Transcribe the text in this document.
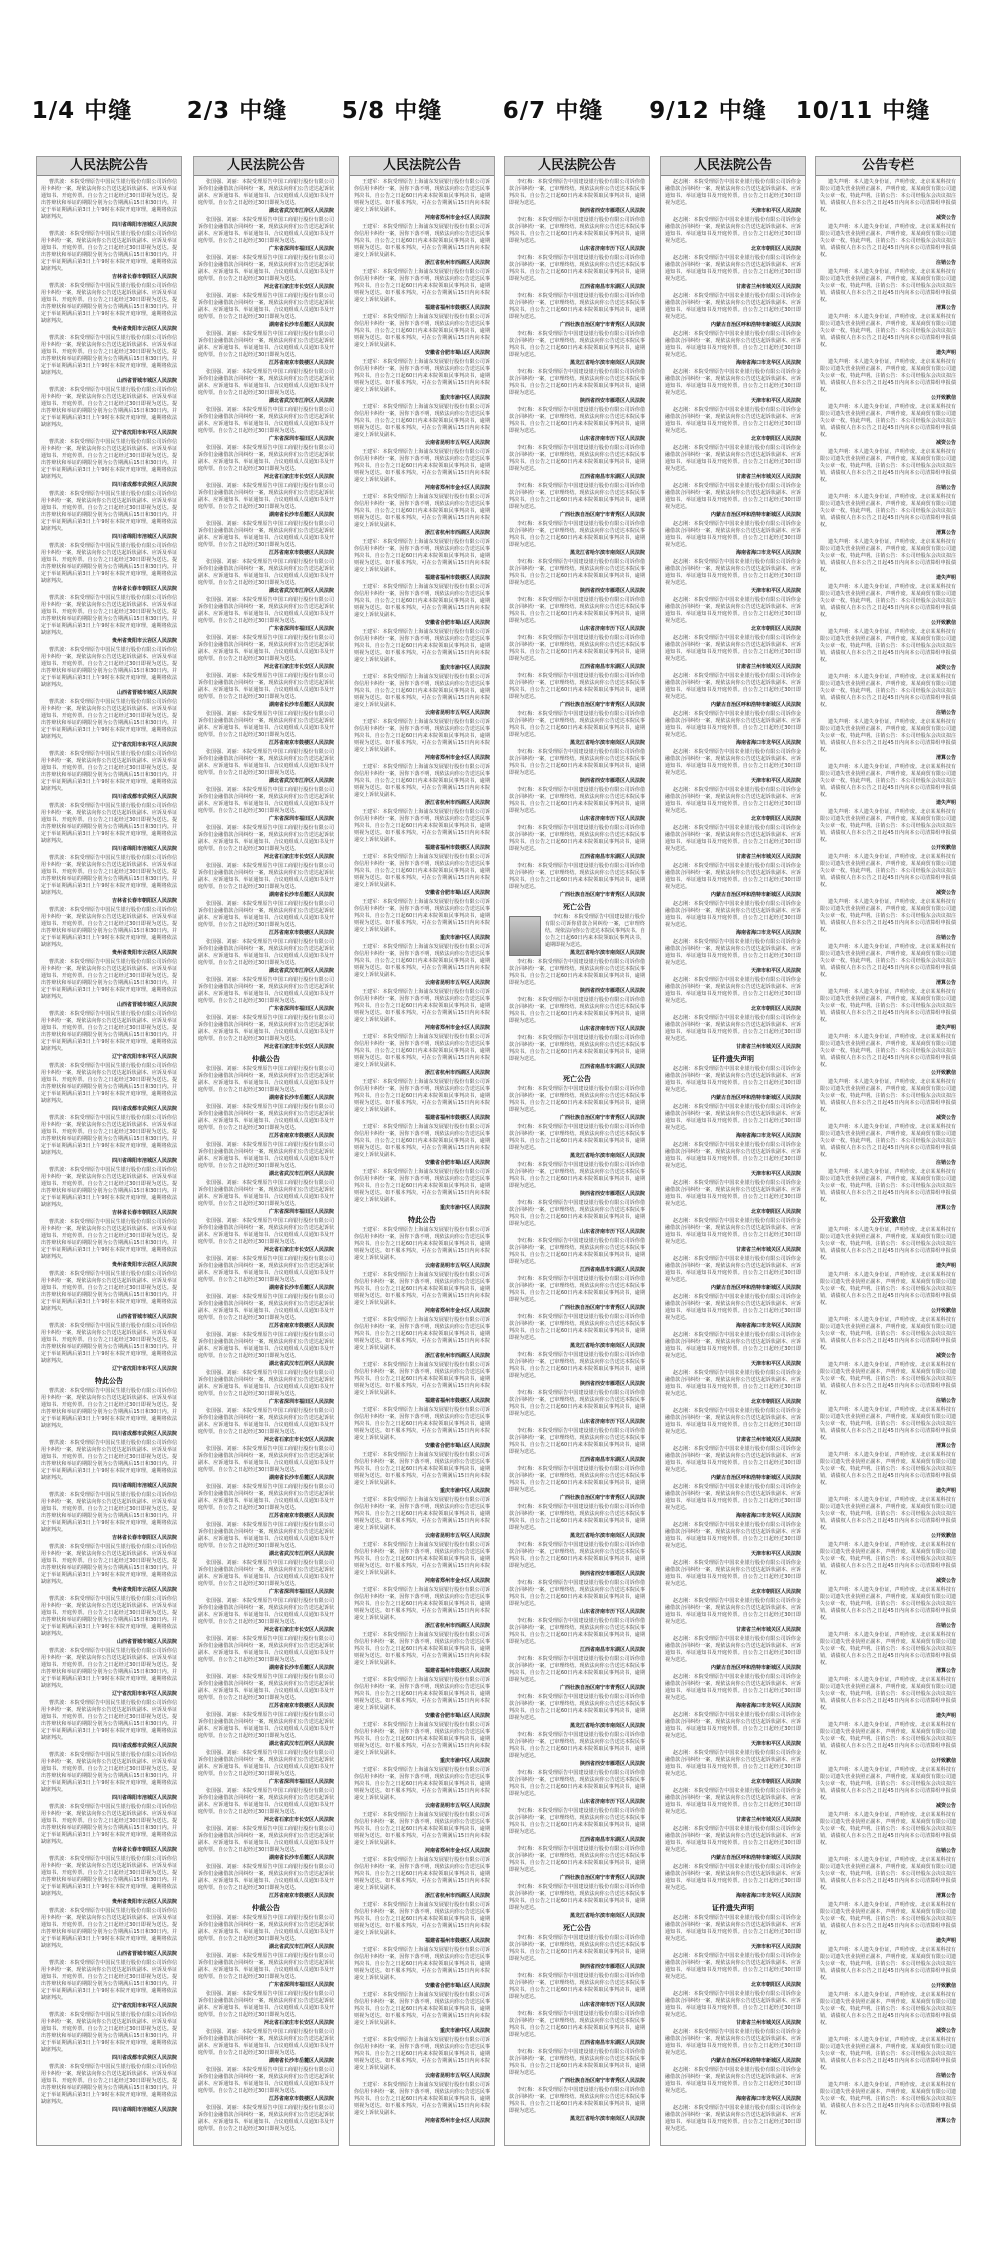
1/4 中缝	2/3 中缝	5/8 中缝	6/7 中缝	9/12 中缝	10/11 中缝
人民法院公告

曹洪波：本院受理原告中国民生银行股份有限公司诉你信用卡纠纷一案，现依法向你公告送达起诉状副本、应诉及举证通知书、开庭传票。自公告之日起经过30日即视为送达。提出答辩状和举证的期限分别为公告期满后15日和30日内。并定于举证期满后第3日上午9时在本院开庭审理，逾期将依法缺席判决。

四川省绵阳市涪城区人民法院

曹洪波：本院受理原告中国民生银行股份有限公司诉你信用卡纠纷一案，现依法向你公告送达起诉状副本、应诉及举证通知书、开庭传票。自公告之日起经过30日即视为送达。提出答辩状和举证的期限分别为公告期满后15日和30日内。并定于举证期满后第3日上午9时在本院开庭审理，逾期将依法缺席判决。

吉林省长春市朝阳区人民法院

曹洪波：本院受理原告中国民生银行股份有限公司诉你信用卡纠纷一案，现依法向你公告送达起诉状副本、应诉及举证通知书、开庭传票。自公告之日起经过30日即视为送达。提出答辩状和举证的期限分别为公告期满后15日和30日内。并定于举证期满后第3日上午9时在本院开庭审理，逾期将依法缺席判决。

贵州省贵阳市云岩区人民法院

曹洪波：本院受理原告中国民生银行股份有限公司诉你信用卡纠纷一案，现依法向你公告送达起诉状副本、应诉及举证通知书、开庭传票。自公告之日起经过30日即视为送达。提出答辩状和举证的期限分别为公告期满后15日和30日内。并定于举证期满后第3日上午9时在本院开庭审理，逾期将依法缺席判决。

山西省晋城市城区人民法院

曹洪波：本院受理原告中国民生银行股份有限公司诉你信用卡纠纷一案，现依法向你公告送达起诉状副本、应诉及举证通知书、开庭传票。自公告之日起经过30日即视为送达。提出答辩状和举证的期限分别为公告期满后15日和30日内。并定于举证期满后第3日上午9时在本院开庭审理，逾期将依法缺席判决。

辽宁省沈阳市和平区人民法院

曹洪波：本院受理原告中国民生银行股份有限公司诉你信用卡纠纷一案，现依法向你公告送达起诉状副本、应诉及举证通知书、开庭传票。自公告之日起经过30日即视为送达。提出答辩状和举证的期限分别为公告期满后15日和30日内。并定于举证期满后第3日上午9时在本院开庭审理，逾期将依法缺席判决。

四川省成都市武侯区人民法院

曹洪波：本院受理原告中国民生银行股份有限公司诉你信用卡纠纷一案，现依法向你公告送达起诉状副本、应诉及举证通知书、开庭传票。自公告之日起经过30日即视为送达。提出答辩状和举证的期限分别为公告期满后15日和30日内。并定于举证期满后第3日上午9时在本院开庭审理，逾期将依法缺席判决。

四川省绵阳市涪城区人民法院

曹洪波：本院受理原告中国民生银行股份有限公司诉你信用卡纠纷一案，现依法向你公告送达起诉状副本、应诉及举证通知书、开庭传票。自公告之日起经过30日即视为送达。提出答辩状和举证的期限分别为公告期满后15日和30日内。并定于举证期满后第3日上午9时在本院开庭审理，逾期将依法缺席判决。

吉林省长春市朝阳区人民法院

曹洪波：本院受理原告中国民生银行股份有限公司诉你信用卡纠纷一案，现依法向你公告送达起诉状副本、应诉及举证通知书、开庭传票。自公告之日起经过30日即视为送达。提出答辩状和举证的期限分别为公告期满后15日和30日内。并定于举证期满后第3日上午9时在本院开庭审理，逾期将依法缺席判决。

贵州省贵阳市云岩区人民法院

曹洪波：本院受理原告中国民生银行股份有限公司诉你信用卡纠纷一案，现依法向你公告送达起诉状副本、应诉及举证通知书、开庭传票。自公告之日起经过30日即视为送达。提出答辩状和举证的期限分别为公告期满后15日和30日内。并定于举证期满后第3日上午9时在本院开庭审理，逾期将依法缺席判决。

山西省晋城市城区人民法院

曹洪波：本院受理原告中国民生银行股份有限公司诉你信用卡纠纷一案，现依法向你公告送达起诉状副本、应诉及举证通知书、开庭传票。自公告之日起经过30日即视为送达。提出答辩状和举证的期限分别为公告期满后15日和30日内。并定于举证期满后第3日上午9时在本院开庭审理，逾期将依法缺席判决。

辽宁省沈阳市和平区人民法院

曹洪波：本院受理原告中国民生银行股份有限公司诉你信用卡纠纷一案，现依法向你公告送达起诉状副本、应诉及举证通知书、开庭传票。自公告之日起经过30日即视为送达。提出答辩状和举证的期限分别为公告期满后15日和30日内。并定于举证期满后第3日上午9时在本院开庭审理，逾期将依法缺席判决。

四川省成都市武侯区人民法院

曹洪波：本院受理原告中国民生银行股份有限公司诉你信用卡纠纷一案，现依法向你公告送达起诉状副本、应诉及举证通知书、开庭传票。自公告之日起经过30日即视为送达。提出答辩状和举证的期限分别为公告期满后15日和30日内。并定于举证期满后第3日上午9时在本院开庭审理，逾期将依法缺席判决。

四川省绵阳市涪城区人民法院

曹洪波：本院受理原告中国民生银行股份有限公司诉你信用卡纠纷一案，现依法向你公告送达起诉状副本、应诉及举证通知书、开庭传票。自公告之日起经过30日即视为送达。提出答辩状和举证的期限分别为公告期满后15日和30日内。并定于举证期满后第3日上午9时在本院开庭审理，逾期将依法缺席判决。

吉林省长春市朝阳区人民法院

曹洪波：本院受理原告中国民生银行股份有限公司诉你信用卡纠纷一案，现依法向你公告送达起诉状副本、应诉及举证通知书、开庭传票。自公告之日起经过30日即视为送达。提出答辩状和举证的期限分别为公告期满后15日和30日内。并定于举证期满后第3日上午9时在本院开庭审理，逾期将依法缺席判决。

贵州省贵阳市云岩区人民法院

曹洪波：本院受理原告中国民生银行股份有限公司诉你信用卡纠纷一案，现依法向你公告送达起诉状副本、应诉及举证通知书、开庭传票。自公告之日起经过30日即视为送达。提出答辩状和举证的期限分别为公告期满后15日和30日内。并定于举证期满后第3日上午9时在本院开庭审理，逾期将依法缺席判决。

山西省晋城市城区人民法院

曹洪波：本院受理原告中国民生银行股份有限公司诉你信用卡纠纷一案，现依法向你公告送达起诉状副本、应诉及举证通知书、开庭传票。自公告之日起经过30日即视为送达。提出答辩状和举证的期限分别为公告期满后15日和30日内。并定于举证期满后第3日上午9时在本院开庭审理，逾期将依法缺席判决。

辽宁省沈阳市和平区人民法院

曹洪波：本院受理原告中国民生银行股份有限公司诉你信用卡纠纷一案，现依法向你公告送达起诉状副本、应诉及举证通知书、开庭传票。自公告之日起经过30日即视为送达。提出答辩状和举证的期限分别为公告期满后15日和30日内。并定于举证期满后第3日上午9时在本院开庭审理，逾期将依法缺席判决。

四川省成都市武侯区人民法院

曹洪波：本院受理原告中国民生银行股份有限公司诉你信用卡纠纷一案，现依法向你公告送达起诉状副本、应诉及举证通知书、开庭传票。自公告之日起经过30日即视为送达。提出答辩状和举证的期限分别为公告期满后15日和30日内。并定于举证期满后第3日上午9时在本院开庭审理，逾期将依法缺席判决。

四川省绵阳市涪城区人民法院

曹洪波：本院受理原告中国民生银行股份有限公司诉你信用卡纠纷一案，现依法向你公告送达起诉状副本、应诉及举证通知书、开庭传票。自公告之日起经过30日即视为送达。提出答辩状和举证的期限分别为公告期满后15日和30日内。并定于举证期满后第3日上午9时在本院开庭审理，逾期将依法缺席判决。

吉林省长春市朝阳区人民法院

曹洪波：本院受理原告中国民生银行股份有限公司诉你信用卡纠纷一案，现依法向你公告送达起诉状副本、应诉及举证通知书、开庭传票。自公告之日起经过30日即视为送达。提出答辩状和举证的期限分别为公告期满后15日和30日内。并定于举证期满后第3日上午9时在本院开庭审理，逾期将依法缺席判决。

贵州省贵阳市云岩区人民法院

曹洪波：本院受理原告中国民生银行股份有限公司诉你信用卡纠纷一案，现依法向你公告送达起诉状副本、应诉及举证通知书、开庭传票。自公告之日起经过30日即视为送达。提出答辩状和举证的期限分别为公告期满后15日和30日内。并定于举证期满后第3日上午9时在本院开庭审理，逾期将依法缺席判决。

山西省晋城市城区人民法院

曹洪波：本院受理原告中国民生银行股份有限公司诉你信用卡纠纷一案，现依法向你公告送达起诉状副本、应诉及举证通知书、开庭传票。自公告之日起经过30日即视为送达。提出答辩状和举证的期限分别为公告期满后15日和30日内。并定于举证期满后第3日上午9时在本院开庭审理，逾期将依法缺席判决。

辽宁省沈阳市和平区人民法院
特此公告

曹洪波：本院受理原告中国民生银行股份有限公司诉你信用卡纠纷一案，现依法向你公告送达起诉状副本、应诉及举证通知书、开庭传票。自公告之日起经过30日即视为送达。提出答辩状和举证的期限分别为公告期满后15日和30日内。并定于举证期满后第3日上午9时在本院开庭审理，逾期将依法缺席判决。

四川省成都市武侯区人民法院

曹洪波：本院受理原告中国民生银行股份有限公司诉你信用卡纠纷一案，现依法向你公告送达起诉状副本、应诉及举证通知书、开庭传票。自公告之日起经过30日即视为送达。提出答辩状和举证的期限分别为公告期满后15日和30日内。并定于举证期满后第3日上午9时在本院开庭审理，逾期将依法缺席判决。

四川省绵阳市涪城区人民法院

曹洪波：本院受理原告中国民生银行股份有限公司诉你信用卡纠纷一案，现依法向你公告送达起诉状副本、应诉及举证通知书、开庭传票。自公告之日起经过30日即视为送达。提出答辩状和举证的期限分别为公告期满后15日和30日内。并定于举证期满后第3日上午9时在本院开庭审理，逾期将依法缺席判决。

吉林省长春市朝阳区人民法院

曹洪波：本院受理原告中国民生银行股份有限公司诉你信用卡纠纷一案，现依法向你公告送达起诉状副本、应诉及举证通知书、开庭传票。自公告之日起经过30日即视为送达。提出答辩状和举证的期限分别为公告期满后15日和30日内。并定于举证期满后第3日上午9时在本院开庭审理，逾期将依法缺席判决。

贵州省贵阳市云岩区人民法院

曹洪波：本院受理原告中国民生银行股份有限公司诉你信用卡纠纷一案，现依法向你公告送达起诉状副本、应诉及举证通知书、开庭传票。自公告之日起经过30日即视为送达。提出答辩状和举证的期限分别为公告期满后15日和30日内。并定于举证期满后第3日上午9时在本院开庭审理，逾期将依法缺席判决。

山西省晋城市城区人民法院

曹洪波：本院受理原告中国民生银行股份有限公司诉你信用卡纠纷一案，现依法向你公告送达起诉状副本、应诉及举证通知书、开庭传票。自公告之日起经过30日即视为送达。提出答辩状和举证的期限分别为公告期满后15日和30日内。并定于举证期满后第3日上午9时在本院开庭审理，逾期将依法缺席判决。

辽宁省沈阳市和平区人民法院

曹洪波：本院受理原告中国民生银行股份有限公司诉你信用卡纠纷一案，现依法向你公告送达起诉状副本、应诉及举证通知书、开庭传票。自公告之日起经过30日即视为送达。提出答辩状和举证的期限分别为公告期满后15日和30日内。并定于举证期满后第3日上午9时在本院开庭审理，逾期将依法缺席判决。

四川省成都市武侯区人民法院

曹洪波：本院受理原告中国民生银行股份有限公司诉你信用卡纠纷一案，现依法向你公告送达起诉状副本、应诉及举证通知书、开庭传票。自公告之日起经过30日即视为送达。提出答辩状和举证的期限分别为公告期满后15日和30日内。并定于举证期满后第3日上午9时在本院开庭审理，逾期将依法缺席判决。

四川省绵阳市涪城区人民法院

曹洪波：本院受理原告中国民生银行股份有限公司诉你信用卡纠纷一案，现依法向你公告送达起诉状副本、应诉及举证通知书、开庭传票。自公告之日起经过30日即视为送达。提出答辩状和举证的期限分别为公告期满后15日和30日内。并定于举证期满后第3日上午9时在本院开庭审理，逾期将依法缺席判决。

吉林省长春市朝阳区人民法院

曹洪波：本院受理原告中国民生银行股份有限公司诉你信用卡纠纷一案，现依法向你公告送达起诉状副本、应诉及举证通知书、开庭传票。自公告之日起经过30日即视为送达。提出答辩状和举证的期限分别为公告期满后15日和30日内。并定于举证期满后第3日上午9时在本院开庭审理，逾期将依法缺席判决。

贵州省贵阳市云岩区人民法院

曹洪波：本院受理原告中国民生银行股份有限公司诉你信用卡纠纷一案，现依法向你公告送达起诉状副本、应诉及举证通知书、开庭传票。自公告之日起经过30日即视为送达。提出答辩状和举证的期限分别为公告期满后15日和30日内。并定于举证期满后第3日上午9时在本院开庭审理，逾期将依法缺席判决。

山西省晋城市城区人民法院

曹洪波：本院受理原告中国民生银行股份有限公司诉你信用卡纠纷一案，现依法向你公告送达起诉状副本、应诉及举证通知书、开庭传票。自公告之日起经过30日即视为送达。提出答辩状和举证的期限分别为公告期满后15日和30日内。并定于举证期满后第3日上午9时在本院开庭审理，逾期将依法缺席判决。

辽宁省沈阳市和平区人民法院

曹洪波：本院受理原告中国民生银行股份有限公司诉你信用卡纠纷一案，现依法向你公告送达起诉状副本、应诉及举证通知书、开庭传票。自公告之日起经过30日即视为送达。提出答辩状和举证的期限分别为公告期满后15日和30日内。并定于举证期满后第3日上午9时在本院开庭审理，逾期将依法缺席判决。

四川省成都市武侯区人民法院

曹洪波：本院受理原告中国民生银行股份有限公司诉你信用卡纠纷一案，现依法向你公告送达起诉状副本、应诉及举证通知书、开庭传票。自公告之日起经过30日即视为送达。提出答辩状和举证的期限分别为公告期满后15日和30日内。并定于举证期满后第3日上午9时在本院开庭审理，逾期将依法缺席判决。

四川省绵阳市涪城区人民法院
人民法院公告

张国强、刘丽：本院受理原告中国工商银行股份有限公司诉你们金融借款合同纠纷一案，现依法向你们公告送达起诉状副本、应诉通知书、举证通知书、合议庭组成人员通知书及开庭传票。自公告之日起经过30日即视为送达。

湖北省武汉市江岸区人民法院

张国强、刘丽：本院受理原告中国工商银行股份有限公司诉你们金融借款合同纠纷一案，现依法向你们公告送达起诉状副本、应诉通知书、举证通知书、合议庭组成人员通知书及开庭传票。自公告之日起经过30日即视为送达。

广东省深圳市福田区人民法院

张国强、刘丽：本院受理原告中国工商银行股份有限公司诉你们金融借款合同纠纷一案，现依法向你们公告送达起诉状副本、应诉通知书、举证通知书、合议庭组成人员通知书及开庭传票。自公告之日起经过30日即视为送达。

河北省石家庄市长安区人民法院

张国强、刘丽：本院受理原告中国工商银行股份有限公司诉你们金融借款合同纠纷一案，现依法向你们公告送达起诉状副本、应诉通知书、举证通知书、合议庭组成人员通知书及开庭传票。自公告之日起经过30日即视为送达。

湖南省长沙市岳麓区人民法院

张国强、刘丽：本院受理原告中国工商银行股份有限公司诉你们金融借款合同纠纷一案，现依法向你们公告送达起诉状副本、应诉通知书、举证通知书、合议庭组成人员通知书及开庭传票。自公告之日起经过30日即视为送达。

江苏省南京市鼓楼区人民法院

张国强、刘丽：本院受理原告中国工商银行股份有限公司诉你们金融借款合同纠纷一案，现依法向你们公告送达起诉状副本、应诉通知书、举证通知书、合议庭组成人员通知书及开庭传票。自公告之日起经过30日即视为送达。

湖北省武汉市江岸区人民法院

张国强、刘丽：本院受理原告中国工商银行股份有限公司诉你们金融借款合同纠纷一案，现依法向你们公告送达起诉状副本、应诉通知书、举证通知书、合议庭组成人员通知书及开庭传票。自公告之日起经过30日即视为送达。

广东省深圳市福田区人民法院

张国强、刘丽：本院受理原告中国工商银行股份有限公司诉你们金融借款合同纠纷一案，现依法向你们公告送达起诉状副本、应诉通知书、举证通知书、合议庭组成人员通知书及开庭传票。自公告之日起经过30日即视为送达。

河北省石家庄市长安区人民法院

张国强、刘丽：本院受理原告中国工商银行股份有限公司诉你们金融借款合同纠纷一案，现依法向你们公告送达起诉状副本、应诉通知书、举证通知书、合议庭组成人员通知书及开庭传票。自公告之日起经过30日即视为送达。

湖南省长沙市岳麓区人民法院

张国强、刘丽：本院受理原告中国工商银行股份有限公司诉你们金融借款合同纠纷一案，现依法向你们公告送达起诉状副本、应诉通知书、举证通知书、合议庭组成人员通知书及开庭传票。自公告之日起经过30日即视为送达。

江苏省南京市鼓楼区人民法院

张国强、刘丽：本院受理原告中国工商银行股份有限公司诉你们金融借款合同纠纷一案，现依法向你们公告送达起诉状副本、应诉通知书、举证通知书、合议庭组成人员通知书及开庭传票。自公告之日起经过30日即视为送达。

湖北省武汉市江岸区人民法院

张国强、刘丽：本院受理原告中国工商银行股份有限公司诉你们金融借款合同纠纷一案，现依法向你们公告送达起诉状副本、应诉通知书、举证通知书、合议庭组成人员通知书及开庭传票。自公告之日起经过30日即视为送达。

广东省深圳市福田区人民法院

张国强、刘丽：本院受理原告中国工商银行股份有限公司诉你们金融借款合同纠纷一案，现依法向你们公告送达起诉状副本、应诉通知书、举证通知书、合议庭组成人员通知书及开庭传票。自公告之日起经过30日即视为送达。

河北省石家庄市长安区人民法院

张国强、刘丽：本院受理原告中国工商银行股份有限公司诉你们金融借款合同纠纷一案，现依法向你们公告送达起诉状副本、应诉通知书、举证通知书、合议庭组成人员通知书及开庭传票。自公告之日起经过30日即视为送达。

湖南省长沙市岳麓区人民法院

张国强、刘丽：本院受理原告中国工商银行股份有限公司诉你们金融借款合同纠纷一案，现依法向你们公告送达起诉状副本、应诉通知书、举证通知书、合议庭组成人员通知书及开庭传票。自公告之日起经过30日即视为送达。

江苏省南京市鼓楼区人民法院

张国强、刘丽：本院受理原告中国工商银行股份有限公司诉你们金融借款合同纠纷一案，现依法向你们公告送达起诉状副本、应诉通知书、举证通知书、合议庭组成人员通知书及开庭传票。自公告之日起经过30日即视为送达。

湖北省武汉市江岸区人民法院

张国强、刘丽：本院受理原告中国工商银行股份有限公司诉你们金融借款合同纠纷一案，现依法向你们公告送达起诉状副本、应诉通知书、举证通知书、合议庭组成人员通知书及开庭传票。自公告之日起经过30日即视为送达。

广东省深圳市福田区人民法院

张国强、刘丽：本院受理原告中国工商银行股份有限公司诉你们金融借款合同纠纷一案，现依法向你们公告送达起诉状副本、应诉通知书、举证通知书、合议庭组成人员通知书及开庭传票。自公告之日起经过30日即视为送达。

河北省石家庄市长安区人民法院

张国强、刘丽：本院受理原告中国工商银行股份有限公司诉你们金融借款合同纠纷一案，现依法向你们公告送达起诉状副本、应诉通知书、举证通知书、合议庭组成人员通知书及开庭传票。自公告之日起经过30日即视为送达。

湖南省长沙市岳麓区人民法院

张国强、刘丽：本院受理原告中国工商银行股份有限公司诉你们金融借款合同纠纷一案，现依法向你们公告送达起诉状副本、应诉通知书、举证通知书、合议庭组成人员通知书及开庭传票。自公告之日起经过30日即视为送达。

江苏省南京市鼓楼区人民法院

张国强、刘丽：本院受理原告中国工商银行股份有限公司诉你们金融借款合同纠纷一案，现依法向你们公告送达起诉状副本、应诉通知书、举证通知书、合议庭组成人员通知书及开庭传票。自公告之日起经过30日即视为送达。

湖北省武汉市江岸区人民法院

张国强、刘丽：本院受理原告中国工商银行股份有限公司诉你们金融借款合同纠纷一案，现依法向你们公告送达起诉状副本、应诉通知书、举证通知书、合议庭组成人员通知书及开庭传票。自公告之日起经过30日即视为送达。

广东省深圳市福田区人民法院

张国强、刘丽：本院受理原告中国工商银行股份有限公司诉你们金融借款合同纠纷一案，现依法向你们公告送达起诉状副本、应诉通知书、举证通知书、合议庭组成人员通知书及开庭传票。自公告之日起经过30日即视为送达。

河北省石家庄市长安区人民法院
仲裁公告

张国强、刘丽：本院受理原告中国工商银行股份有限公司诉你们金融借款合同纠纷一案，现依法向你们公告送达起诉状副本、应诉通知书、举证通知书、合议庭组成人员通知书及开庭传票。自公告之日起经过30日即视为送达。

湖南省长沙市岳麓区人民法院

张国强、刘丽：本院受理原告中国工商银行股份有限公司诉你们金融借款合同纠纷一案，现依法向你们公告送达起诉状副本、应诉通知书、举证通知书、合议庭组成人员通知书及开庭传票。自公告之日起经过30日即视为送达。

江苏省南京市鼓楼区人民法院

张国强、刘丽：本院受理原告中国工商银行股份有限公司诉你们金融借款合同纠纷一案，现依法向你们公告送达起诉状副本、应诉通知书、举证通知书、合议庭组成人员通知书及开庭传票。自公告之日起经过30日即视为送达。

湖北省武汉市江岸区人民法院

张国强、刘丽：本院受理原告中国工商银行股份有限公司诉你们金融借款合同纠纷一案，现依法向你们公告送达起诉状副本、应诉通知书、举证通知书、合议庭组成人员通知书及开庭传票。自公告之日起经过30日即视为送达。

广东省深圳市福田区人民法院

张国强、刘丽：本院受理原告中国工商银行股份有限公司诉你们金融借款合同纠纷一案，现依法向你们公告送达起诉状副本、应诉通知书、举证通知书、合议庭组成人员通知书及开庭传票。自公告之日起经过30日即视为送达。

河北省石家庄市长安区人民法院

张国强、刘丽：本院受理原告中国工商银行股份有限公司诉你们金融借款合同纠纷一案，现依法向你们公告送达起诉状副本、应诉通知书、举证通知书、合议庭组成人员通知书及开庭传票。自公告之日起经过30日即视为送达。

湖南省长沙市岳麓区人民法院

张国强、刘丽：本院受理原告中国工商银行股份有限公司诉你们金融借款合同纠纷一案，现依法向你们公告送达起诉状副本、应诉通知书、举证通知书、合议庭组成人员通知书及开庭传票。自公告之日起经过30日即视为送达。

江苏省南京市鼓楼区人民法院

张国强、刘丽：本院受理原告中国工商银行股份有限公司诉你们金融借款合同纠纷一案，现依法向你们公告送达起诉状副本、应诉通知书、举证通知书、合议庭组成人员通知书及开庭传票。自公告之日起经过30日即视为送达。

湖北省武汉市江岸区人民法院

张国强、刘丽：本院受理原告中国工商银行股份有限公司诉你们金融借款合同纠纷一案，现依法向你们公告送达起诉状副本、应诉通知书、举证通知书、合议庭组成人员通知书及开庭传票。自公告之日起经过30日即视为送达。

广东省深圳市福田区人民法院

张国强、刘丽：本院受理原告中国工商银行股份有限公司诉你们金融借款合同纠纷一案，现依法向你们公告送达起诉状副本、应诉通知书、举证通知书、合议庭组成人员通知书及开庭传票。自公告之日起经过30日即视为送达。

河北省石家庄市长安区人民法院

张国强、刘丽：本院受理原告中国工商银行股份有限公司诉你们金融借款合同纠纷一案，现依法向你们公告送达起诉状副本、应诉通知书、举证通知书、合议庭组成人员通知书及开庭传票。自公告之日起经过30日即视为送达。

湖南省长沙市岳麓区人民法院

张国强、刘丽：本院受理原告中国工商银行股份有限公司诉你们金融借款合同纠纷一案，现依法向你们公告送达起诉状副本、应诉通知书、举证通知书、合议庭组成人员通知书及开庭传票。自公告之日起经过30日即视为送达。

江苏省南京市鼓楼区人民法院

张国强、刘丽：本院受理原告中国工商银行股份有限公司诉你们金融借款合同纠纷一案，现依法向你们公告送达起诉状副本、应诉通知书、举证通知书、合议庭组成人员通知书及开庭传票。自公告之日起经过30日即视为送达。

湖北省武汉市江岸区人民法院

张国强、刘丽：本院受理原告中国工商银行股份有限公司诉你们金融借款合同纠纷一案，现依法向你们公告送达起诉状副本、应诉通知书、举证通知书、合议庭组成人员通知书及开庭传票。自公告之日起经过30日即视为送达。

广东省深圳市福田区人民法院

张国强、刘丽：本院受理原告中国工商银行股份有限公司诉你们金融借款合同纠纷一案，现依法向你们公告送达起诉状副本、应诉通知书、举证通知书、合议庭组成人员通知书及开庭传票。自公告之日起经过30日即视为送达。

河北省石家庄市长安区人民法院

张国强、刘丽：本院受理原告中国工商银行股份有限公司诉你们金融借款合同纠纷一案，现依法向你们公告送达起诉状副本、应诉通知书、举证通知书、合议庭组成人员通知书及开庭传票。自公告之日起经过30日即视为送达。

湖南省长沙市岳麓区人民法院

张国强、刘丽：本院受理原告中国工商银行股份有限公司诉你们金融借款合同纠纷一案，现依法向你们公告送达起诉状副本、应诉通知书、举证通知书、合议庭组成人员通知书及开庭传票。自公告之日起经过30日即视为送达。

江苏省南京市鼓楼区人民法院

张国强、刘丽：本院受理原告中国工商银行股份有限公司诉你们金融借款合同纠纷一案，现依法向你们公告送达起诉状副本、应诉通知书、举证通知书、合议庭组成人员通知书及开庭传票。自公告之日起经过30日即视为送达。

湖北省武汉市江岸区人民法院

张国强、刘丽：本院受理原告中国工商银行股份有限公司诉你们金融借款合同纠纷一案，现依法向你们公告送达起诉状副本、应诉通知书、举证通知书、合议庭组成人员通知书及开庭传票。自公告之日起经过30日即视为送达。

广东省深圳市福田区人民法院

张国强、刘丽：本院受理原告中国工商银行股份有限公司诉你们金融借款合同纠纷一案，现依法向你们公告送达起诉状副本、应诉通知书、举证通知书、合议庭组成人员通知书及开庭传票。自公告之日起经过30日即视为送达。

河北省石家庄市长安区人民法院

张国强、刘丽：本院受理原告中国工商银行股份有限公司诉你们金融借款合同纠纷一案，现依法向你们公告送达起诉状副本、应诉通知书、举证通知书、合议庭组成人员通知书及开庭传票。自公告之日起经过30日即视为送达。

湖南省长沙市岳麓区人民法院

张国强、刘丽：本院受理原告中国工商银行股份有限公司诉你们金融借款合同纠纷一案，现依法向你们公告送达起诉状副本、应诉通知书、举证通知书、合议庭组成人员通知书及开庭传票。自公告之日起经过30日即视为送达。

江苏省南京市鼓楼区人民法院
仲裁公告

张国强、刘丽：本院受理原告中国工商银行股份有限公司诉你们金融借款合同纠纷一案，现依法向你们公告送达起诉状副本、应诉通知书、举证通知书、合议庭组成人员通知书及开庭传票。自公告之日起经过30日即视为送达。

湖北省武汉市江岸区人民法院

张国强、刘丽：本院受理原告中国工商银行股份有限公司诉你们金融借款合同纠纷一案，现依法向你们公告送达起诉状副本、应诉通知书、举证通知书、合议庭组成人员通知书及开庭传票。自公告之日起经过30日即视为送达。

广东省深圳市福田区人民法院

张国强、刘丽：本院受理原告中国工商银行股份有限公司诉你们金融借款合同纠纷一案，现依法向你们公告送达起诉状副本、应诉通知书、举证通知书、合议庭组成人员通知书及开庭传票。自公告之日起经过30日即视为送达。

河北省石家庄市长安区人民法院

张国强、刘丽：本院受理原告中国工商银行股份有限公司诉你们金融借款合同纠纷一案，现依法向你们公告送达起诉状副本、应诉通知书、举证通知书、合议庭组成人员通知书及开庭传票。自公告之日起经过30日即视为送达。

湖南省长沙市岳麓区人民法院

张国强、刘丽：本院受理原告中国工商银行股份有限公司诉你们金融借款合同纠纷一案，现依法向你们公告送达起诉状副本、应诉通知书、举证通知书、合议庭组成人员通知书及开庭传票。自公告之日起经过30日即视为送达。

江苏省南京市鼓楼区人民法院

张国强、刘丽：本院受理原告中国工商银行股份有限公司诉你们金融借款合同纠纷一案，现依法向你们公告送达起诉状副本、应诉通知书、举证通知书、合议庭组成人员通知书及开庭传票。自公告之日起经过30日即视为送达。

人民法院公告

王建军：本院受理原告上海浦东发展银行股份有限公司诉你信用卡纠纷一案，因你下落不明，现依法向你公告送达民事判决书。自公告之日起60日内来本院领取民事判决书，逾期则视为送达。如不服本判决，可在公告期满后15日内向本院递交上诉状及副本。

河南省郑州市金水区人民法院

王建军：本院受理原告上海浦东发展银行股份有限公司诉你信用卡纠纷一案，因你下落不明，现依法向你公告送达民事判决书。自公告之日起60日内来本院领取民事判决书，逾期则视为送达。如不服本判决，可在公告期满后15日内向本院递交上诉状及副本。

浙江省杭州市西湖区人民法院

王建军：本院受理原告上海浦东发展银行股份有限公司诉你信用卡纠纷一案，因你下落不明，现依法向你公告送达民事判决书。自公告之日起60日内来本院领取民事判决书，逾期则视为送达。如不服本判决，可在公告期满后15日内向本院递交上诉状及副本。

福建省福州市鼓楼区人民法院

王建军：本院受理原告上海浦东发展银行股份有限公司诉你信用卡纠纷一案，因你下落不明，现依法向你公告送达民事判决书。自公告之日起60日内来本院领取民事判决书，逾期则视为送达。如不服本判决，可在公告期满后15日内向本院递交上诉状及副本。

安徽省合肥市蜀山区人民法院

王建军：本院受理原告上海浦东发展银行股份有限公司诉你信用卡纠纷一案，因你下落不明，现依法向你公告送达民事判决书。自公告之日起60日内来本院领取民事判决书，逾期则视为送达。如不服本判决，可在公告期满后15日内向本院递交上诉状及副本。

重庆市渝中区人民法院

王建军：本院受理原告上海浦东发展银行股份有限公司诉你信用卡纠纷一案，因你下落不明，现依法向你公告送达民事判决书。自公告之日起60日内来本院领取民事判决书，逾期则视为送达。如不服本判决，可在公告期满后15日内向本院递交上诉状及副本。

云南省昆明市五华区人民法院

王建军：本院受理原告上海浦东发展银行股份有限公司诉你信用卡纠纷一案，因你下落不明，现依法向你公告送达民事判决书。自公告之日起60日内来本院领取民事判决书，逾期则视为送达。如不服本判决，可在公告期满后15日内向本院递交上诉状及副本。

河南省郑州市金水区人民法院

王建军：本院受理原告上海浦东发展银行股份有限公司诉你信用卡纠纷一案，因你下落不明，现依法向你公告送达民事判决书。自公告之日起60日内来本院领取民事判决书，逾期则视为送达。如不服本判决，可在公告期满后15日内向本院递交上诉状及副本。

浙江省杭州市西湖区人民法院

王建军：本院受理原告上海浦东发展银行股份有限公司诉你信用卡纠纷一案，因你下落不明，现依法向你公告送达民事判决书。自公告之日起60日内来本院领取民事判决书，逾期则视为送达。如不服本判决，可在公告期满后15日内向本院递交上诉状及副本。

福建省福州市鼓楼区人民法院

王建军：本院受理原告上海浦东发展银行股份有限公司诉你信用卡纠纷一案，因你下落不明，现依法向你公告送达民事判决书。自公告之日起60日内来本院领取民事判决书，逾期则视为送达。如不服本判决，可在公告期满后15日内向本院递交上诉状及副本。

安徽省合肥市蜀山区人民法院

王建军：本院受理原告上海浦东发展银行股份有限公司诉你信用卡纠纷一案，因你下落不明，现依法向你公告送达民事判决书。自公告之日起60日内来本院领取民事判决书，逾期则视为送达。如不服本判决，可在公告期满后15日内向本院递交上诉状及副本。

重庆市渝中区人民法院

王建军：本院受理原告上海浦东发展银行股份有限公司诉你信用卡纠纷一案，因你下落不明，现依法向你公告送达民事判决书。自公告之日起60日内来本院领取民事判决书，逾期则视为送达。如不服本判决，可在公告期满后15日内向本院递交上诉状及副本。

云南省昆明市五华区人民法院

王建军：本院受理原告上海浦东发展银行股份有限公司诉你信用卡纠纷一案，因你下落不明，现依法向你公告送达民事判决书。自公告之日起60日内来本院领取民事判决书，逾期则视为送达。如不服本判决，可在公告期满后15日内向本院递交上诉状及副本。

河南省郑州市金水区人民法院

王建军：本院受理原告上海浦东发展银行股份有限公司诉你信用卡纠纷一案，因你下落不明，现依法向你公告送达民事判决书。自公告之日起60日内来本院领取民事判决书，逾期则视为送达。如不服本判决，可在公告期满后15日内向本院递交上诉状及副本。

浙江省杭州市西湖区人民法院

王建军：本院受理原告上海浦东发展银行股份有限公司诉你信用卡纠纷一案，因你下落不明，现依法向你公告送达民事判决书。自公告之日起60日内来本院领取民事判决书，逾期则视为送达。如不服本判决，可在公告期满后15日内向本院递交上诉状及副本。

福建省福州市鼓楼区人民法院

王建军：本院受理原告上海浦东发展银行股份有限公司诉你信用卡纠纷一案，因你下落不明，现依法向你公告送达民事判决书。自公告之日起60日内来本院领取民事判决书，逾期则视为送达。如不服本判决，可在公告期满后15日内向本院递交上诉状及副本。

安徽省合肥市蜀山区人民法院

王建军：本院受理原告上海浦东发展银行股份有限公司诉你信用卡纠纷一案，因你下落不明，现依法向你公告送达民事判决书。自公告之日起60日内来本院领取民事判决书，逾期则视为送达。如不服本判决，可在公告期满后15日内向本院递交上诉状及副本。

重庆市渝中区人民法院

王建军：本院受理原告上海浦东发展银行股份有限公司诉你信用卡纠纷一案，因你下落不明，现依法向你公告送达民事判决书。自公告之日起60日内来本院领取民事判决书，逾期则视为送达。如不服本判决，可在公告期满后15日内向本院递交上诉状及副本。

云南省昆明市五华区人民法院

王建军：本院受理原告上海浦东发展银行股份有限公司诉你信用卡纠纷一案，因你下落不明，现依法向你公告送达民事判决书。自公告之日起60日内来本院领取民事判决书，逾期则视为送达。如不服本判决，可在公告期满后15日内向本院递交上诉状及副本。

河南省郑州市金水区人民法院

王建军：本院受理原告上海浦东发展银行股份有限公司诉你信用卡纠纷一案，因你下落不明，现依法向你公告送达民事判决书。自公告之日起60日内来本院领取民事判决书，逾期则视为送达。如不服本判决，可在公告期满后15日内向本院递交上诉状及副本。

浙江省杭州市西湖区人民法院

王建军：本院受理原告上海浦东发展银行股份有限公司诉你信用卡纠纷一案，因你下落不明，现依法向你公告送达民事判决书。自公告之日起60日内来本院领取民事判决书，逾期则视为送达。如不服本判决，可在公告期满后15日内向本院递交上诉状及副本。

福建省福州市鼓楼区人民法院

王建军：本院受理原告上海浦东发展银行股份有限公司诉你信用卡纠纷一案，因你下落不明，现依法向你公告送达民事判决书。自公告之日起60日内来本院领取民事判决书，逾期则视为送达。如不服本判决，可在公告期满后15日内向本院递交上诉状及副本。

安徽省合肥市蜀山区人民法院

王建军：本院受理原告上海浦东发展银行股份有限公司诉你信用卡纠纷一案，因你下落不明，现依法向你公告送达民事判决书。自公告之日起60日内来本院领取民事判决书，逾期则视为送达。如不服本判决，可在公告期满后15日内向本院递交上诉状及副本。

重庆市渝中区人民法院
特此公告

王建军：本院受理原告上海浦东发展银行股份有限公司诉你信用卡纠纷一案，因你下落不明，现依法向你公告送达民事判决书。自公告之日起60日内来本院领取民事判决书，逾期则视为送达。如不服本判决，可在公告期满后15日内向本院递交上诉状及副本。

云南省昆明市五华区人民法院

王建军：本院受理原告上海浦东发展银行股份有限公司诉你信用卡纠纷一案，因你下落不明，现依法向你公告送达民事判决书。自公告之日起60日内来本院领取民事判决书，逾期则视为送达。如不服本判决，可在公告期满后15日内向本院递交上诉状及副本。

河南省郑州市金水区人民法院

王建军：本院受理原告上海浦东发展银行股份有限公司诉你信用卡纠纷一案，因你下落不明，现依法向你公告送达民事判决书。自公告之日起60日内来本院领取民事判决书，逾期则视为送达。如不服本判决，可在公告期满后15日内向本院递交上诉状及副本。

浙江省杭州市西湖区人民法院

王建军：本院受理原告上海浦东发展银行股份有限公司诉你信用卡纠纷一案，因你下落不明，现依法向你公告送达民事判决书。自公告之日起60日内来本院领取民事判决书，逾期则视为送达。如不服本判决，可在公告期满后15日内向本院递交上诉状及副本。

福建省福州市鼓楼区人民法院

王建军：本院受理原告上海浦东发展银行股份有限公司诉你信用卡纠纷一案，因你下落不明，现依法向你公告送达民事判决书。自公告之日起60日内来本院领取民事判决书，逾期则视为送达。如不服本判决，可在公告期满后15日内向本院递交上诉状及副本。

安徽省合肥市蜀山区人民法院

王建军：本院受理原告上海浦东发展银行股份有限公司诉你信用卡纠纷一案，因你下落不明，现依法向你公告送达民事判决书。自公告之日起60日内来本院领取民事判决书，逾期则视为送达。如不服本判决，可在公告期满后15日内向本院递交上诉状及副本。

重庆市渝中区人民法院

王建军：本院受理原告上海浦东发展银行股份有限公司诉你信用卡纠纷一案，因你下落不明，现依法向你公告送达民事判决书。自公告之日起60日内来本院领取民事判决书，逾期则视为送达。如不服本判决，可在公告期满后15日内向本院递交上诉状及副本。

云南省昆明市五华区人民法院

王建军：本院受理原告上海浦东发展银行股份有限公司诉你信用卡纠纷一案，因你下落不明，现依法向你公告送达民事判决书。自公告之日起60日内来本院领取民事判决书，逾期则视为送达。如不服本判决，可在公告期满后15日内向本院递交上诉状及副本。

河南省郑州市金水区人民法院

王建军：本院受理原告上海浦东发展银行股份有限公司诉你信用卡纠纷一案，因你下落不明，现依法向你公告送达民事判决书。自公告之日起60日内来本院领取民事判决书，逾期则视为送达。如不服本判决，可在公告期满后15日内向本院递交上诉状及副本。

浙江省杭州市西湖区人民法院

王建军：本院受理原告上海浦东发展银行股份有限公司诉你信用卡纠纷一案，因你下落不明，现依法向你公告送达民事判决书。自公告之日起60日内来本院领取民事判决书，逾期则视为送达。如不服本判决，可在公告期满后15日内向本院递交上诉状及副本。

福建省福州市鼓楼区人民法院

王建军：本院受理原告上海浦东发展银行股份有限公司诉你信用卡纠纷一案，因你下落不明，现依法向你公告送达民事判决书。自公告之日起60日内来本院领取民事判决书，逾期则视为送达。如不服本判决，可在公告期满后15日内向本院递交上诉状及副本。

安徽省合肥市蜀山区人民法院

王建军：本院受理原告上海浦东发展银行股份有限公司诉你信用卡纠纷一案，因你下落不明，现依法向你公告送达民事判决书。自公告之日起60日内来本院领取民事判决书，逾期则视为送达。如不服本判决，可在公告期满后15日内向本院递交上诉状及副本。

重庆市渝中区人民法院

王建军：本院受理原告上海浦东发展银行股份有限公司诉你信用卡纠纷一案，因你下落不明，现依法向你公告送达民事判决书。自公告之日起60日内来本院领取民事判决书，逾期则视为送达。如不服本判决，可在公告期满后15日内向本院递交上诉状及副本。

云南省昆明市五华区人民法院

王建军：本院受理原告上海浦东发展银行股份有限公司诉你信用卡纠纷一案，因你下落不明，现依法向你公告送达民事判决书。自公告之日起60日内来本院领取民事判决书，逾期则视为送达。如不服本判决，可在公告期满后15日内向本院递交上诉状及副本。

河南省郑州市金水区人民法院

王建军：本院受理原告上海浦东发展银行股份有限公司诉你信用卡纠纷一案，因你下落不明，现依法向你公告送达民事判决书。自公告之日起60日内来本院领取民事判决书，逾期则视为送达。如不服本判决，可在公告期满后15日内向本院递交上诉状及副本。

浙江省杭州市西湖区人民法院

王建军：本院受理原告上海浦东发展银行股份有限公司诉你信用卡纠纷一案，因你下落不明，现依法向你公告送达民事判决书。自公告之日起60日内来本院领取民事判决书，逾期则视为送达。如不服本判决，可在公告期满后15日内向本院递交上诉状及副本。

福建省福州市鼓楼区人民法院

王建军：本院受理原告上海浦东发展银行股份有限公司诉你信用卡纠纷一案，因你下落不明，现依法向你公告送达民事判决书。自公告之日起60日内来本院领取民事判决书，逾期则视为送达。如不服本判决，可在公告期满后15日内向本院递交上诉状及副本。

安徽省合肥市蜀山区人民法院

王建军：本院受理原告上海浦东发展银行股份有限公司诉你信用卡纠纷一案，因你下落不明，现依法向你公告送达民事判决书。自公告之日起60日内来本院领取民事判决书，逾期则视为送达。如不服本判决，可在公告期满后15日内向本院递交上诉状及副本。

重庆市渝中区人民法院

王建军：本院受理原告上海浦东发展银行股份有限公司诉你信用卡纠纷一案，因你下落不明，现依法向你公告送达民事判决书。自公告之日起60日内来本院领取民事判决书，逾期则视为送达。如不服本判决，可在公告期满后15日内向本院递交上诉状及副本。

云南省昆明市五华区人民法院

王建军：本院受理原告上海浦东发展银行股份有限公司诉你信用卡纠纷一案，因你下落不明，现依法向你公告送达民事判决书。自公告之日起60日内来本院领取民事判决书，逾期则视为送达。如不服本判决，可在公告期满后15日内向本院递交上诉状及副本。

河南省郑州市金水区人民法院
人民法院公告

李红梅：本院受理原告中国建设银行股份有限公司诉你借款合同纠纷一案，已审理终结。现依法向你公告送达本院民事判决书。自公告之日起60日内来本院领取民事判决书，逾期即视为送达。

陕西省西安市雁塔区人民法院

李红梅：本院受理原告中国建设银行股份有限公司诉你借款合同纠纷一案，已审理终结。现依法向你公告送达本院民事判决书。自公告之日起60日内来本院领取民事判决书，逾期即视为送达。

山东省济南市历下区人民法院

李红梅：本院受理原告中国建设银行股份有限公司诉你借款合同纠纷一案，已审理终结。现依法向你公告送达本院民事判决书。自公告之日起60日内来本院领取民事判决书，逾期即视为送达。

江西省南昌市东湖区人民法院

李红梅：本院受理原告中国建设银行股份有限公司诉你借款合同纠纷一案，已审理终结。现依法向你公告送达本院民事判决书。自公告之日起60日内来本院领取民事判决书，逾期即视为送达。

广西壮族自治区南宁市青秀区人民法院

李红梅：本院受理原告中国建设银行股份有限公司诉你借款合同纠纷一案，已审理终结。现依法向你公告送达本院民事判决书。自公告之日起60日内来本院领取民事判决书，逾期即视为送达。

黑龙江省哈尔滨市南岗区人民法院

李红梅：本院受理原告中国建设银行股份有限公司诉你借款合同纠纷一案，已审理终结。现依法向你公告送达本院民事判决书。自公告之日起60日内来本院领取民事判决书，逾期即视为送达。

陕西省西安市雁塔区人民法院

李红梅：本院受理原告中国建设银行股份有限公司诉你借款合同纠纷一案，已审理终结。现依法向你公告送达本院民事判决书。自公告之日起60日内来本院领取民事判决书，逾期即视为送达。

山东省济南市历下区人民法院

李红梅：本院受理原告中国建设银行股份有限公司诉你借款合同纠纷一案，已审理终结。现依法向你公告送达本院民事判决书。自公告之日起60日内来本院领取民事判决书，逾期即视为送达。

江西省南昌市东湖区人民法院

李红梅：本院受理原告中国建设银行股份有限公司诉你借款合同纠纷一案，已审理终结。现依法向你公告送达本院民事判决书。自公告之日起60日内来本院领取民事判决书，逾期即视为送达。

广西壮族自治区南宁市青秀区人民法院

李红梅：本院受理原告中国建设银行股份有限公司诉你借款合同纠纷一案，已审理终结。现依法向你公告送达本院民事判决书。自公告之日起60日内来本院领取民事判决书，逾期即视为送达。

黑龙江省哈尔滨市南岗区人民法院

李红梅：本院受理原告中国建设银行股份有限公司诉你借款合同纠纷一案，已审理终结。现依法向你公告送达本院民事判决书。自公告之日起60日内来本院领取民事判决书，逾期即视为送达。

陕西省西安市雁塔区人民法院

李红梅：本院受理原告中国建设银行股份有限公司诉你借款合同纠纷一案，已审理终结。现依法向你公告送达本院民事判决书。自公告之日起60日内来本院领取民事判决书，逾期即视为送达。

山东省济南市历下区人民法院

李红梅：本院受理原告中国建设银行股份有限公司诉你借款合同纠纷一案，已审理终结。现依法向你公告送达本院民事判决书。自公告之日起60日内来本院领取民事判决书，逾期即视为送达。

江西省南昌市东湖区人民法院

李红梅：本院受理原告中国建设银行股份有限公司诉你借款合同纠纷一案，已审理终结。现依法向你公告送达本院民事判决书。自公告之日起60日内来本院领取民事判决书，逾期即视为送达。

广西壮族自治区南宁市青秀区人民法院

李红梅：本院受理原告中国建设银行股份有限公司诉你借款合同纠纷一案，已审理终结。现依法向你公告送达本院民事判决书。自公告之日起60日内来本院领取民事判决书，逾期即视为送达。

黑龙江省哈尔滨市南岗区人民法院

李红梅：本院受理原告中国建设银行股份有限公司诉你借款合同纠纷一案，已审理终结。现依法向你公告送达本院民事判决书。自公告之日起60日内来本院领取民事判决书，逾期即视为送达。

陕西省西安市雁塔区人民法院

李红梅：本院受理原告中国建设银行股份有限公司诉你借款合同纠纷一案，已审理终结。现依法向你公告送达本院民事判决书。自公告之日起60日内来本院领取民事判决书，逾期即视为送达。

山东省济南市历下区人民法院

李红梅：本院受理原告中国建设银行股份有限公司诉你借款合同纠纷一案，已审理终结。现依法向你公告送达本院民事判决书。自公告之日起60日内来本院领取民事判决书，逾期即视为送达。

江西省南昌市东湖区人民法院

李红梅：本院受理原告中国建设银行股份有限公司诉你借款合同纠纷一案，已审理终结。现依法向你公告送达本院民事判决书。自公告之日起60日内来本院领取民事判决书，逾期即视为送达。

广西壮族自治区南宁市青秀区人民法院
死亡公告

李红梅：本院受理原告中国建设银行股份有限公司诉你借款合同纠纷一案，已审理终结。现依法向你公告送达本院民事判决书。自公告之日起60日内来本院领取民事判决书，逾期即视为送达。

黑龙江省哈尔滨市南岗区人民法院

李红梅：本院受理原告中国建设银行股份有限公司诉你借款合同纠纷一案，已审理终结。现依法向你公告送达本院民事判决书。自公告之日起60日内来本院领取民事判决书，逾期即视为送达。

陕西省西安市雁塔区人民法院

李红梅：本院受理原告中国建设银行股份有限公司诉你借款合同纠纷一案，已审理终结。现依法向你公告送达本院民事判决书。自公告之日起60日内来本院领取民事判决书，逾期即视为送达。

山东省济南市历下区人民法院

李红梅：本院受理原告中国建设银行股份有限公司诉你借款合同纠纷一案，已审理终结。现依法向你公告送达本院民事判决书。自公告之日起60日内来本院领取民事判决书，逾期即视为送达。

江西省南昌市东湖区人民法院
死亡公告

李红梅：本院受理原告中国建设银行股份有限公司诉你借款合同纠纷一案，已审理终结。现依法向你公告送达本院民事判决书。自公告之日起60日内来本院领取民事判决书，逾期即视为送达。

广西壮族自治区南宁市青秀区人民法院

李红梅：本院受理原告中国建设银行股份有限公司诉你借款合同纠纷一案，已审理终结。现依法向你公告送达本院民事判决书。自公告之日起60日内来本院领取民事判决书，逾期即视为送达。

黑龙江省哈尔滨市南岗区人民法院

李红梅：本院受理原告中国建设银行股份有限公司诉你借款合同纠纷一案，已审理终结。现依法向你公告送达本院民事判决书。自公告之日起60日内来本院领取民事判决书，逾期即视为送达。

陕西省西安市雁塔区人民法院

李红梅：本院受理原告中国建设银行股份有限公司诉你借款合同纠纷一案，已审理终结。现依法向你公告送达本院民事判决书。自公告之日起60日内来本院领取民事判决书，逾期即视为送达。

山东省济南市历下区人民法院

李红梅：本院受理原告中国建设银行股份有限公司诉你借款合同纠纷一案，已审理终结。现依法向你公告送达本院民事判决书。自公告之日起60日内来本院领取民事判决书，逾期即视为送达。

江西省南昌市东湖区人民法院

李红梅：本院受理原告中国建设银行股份有限公司诉你借款合同纠纷一案，已审理终结。现依法向你公告送达本院民事判决书。自公告之日起60日内来本院领取民事判决书，逾期即视为送达。

广西壮族自治区南宁市青秀区人民法院

李红梅：本院受理原告中国建设银行股份有限公司诉你借款合同纠纷一案，已审理终结。现依法向你公告送达本院民事判决书。自公告之日起60日内来本院领取民事判决书，逾期即视为送达。

黑龙江省哈尔滨市南岗区人民法院

李红梅：本院受理原告中国建设银行股份有限公司诉你借款合同纠纷一案，已审理终结。现依法向你公告送达本院民事判决书。自公告之日起60日内来本院领取民事判决书，逾期即视为送达。

陕西省西安市雁塔区人民法院

李红梅：本院受理原告中国建设银行股份有限公司诉你借款合同纠纷一案，已审理终结。现依法向你公告送达本院民事判决书。自公告之日起60日内来本院领取民事判决书，逾期即视为送达。

山东省济南市历下区人民法院

李红梅：本院受理原告中国建设银行股份有限公司诉你借款合同纠纷一案，已审理终结。现依法向你公告送达本院民事判决书。自公告之日起60日内来本院领取民事判决书，逾期即视为送达。

江西省南昌市东湖区人民法院

李红梅：本院受理原告中国建设银行股份有限公司诉你借款合同纠纷一案，已审理终结。现依法向你公告送达本院民事判决书。自公告之日起60日内来本院领取民事判决书，逾期即视为送达。

广西壮族自治区南宁市青秀区人民法院

李红梅：本院受理原告中国建设银行股份有限公司诉你借款合同纠纷一案，已审理终结。现依法向你公告送达本院民事判决书。自公告之日起60日内来本院领取民事判决书，逾期即视为送达。

黑龙江省哈尔滨市南岗区人民法院

李红梅：本院受理原告中国建设银行股份有限公司诉你借款合同纠纷一案，已审理终结。现依法向你公告送达本院民事判决书。自公告之日起60日内来本院领取民事判决书，逾期即视为送达。

陕西省西安市雁塔区人民法院

李红梅：本院受理原告中国建设银行股份有限公司诉你借款合同纠纷一案，已审理终结。现依法向你公告送达本院民事判决书。自公告之日起60日内来本院领取民事判决书，逾期即视为送达。

山东省济南市历下区人民法院

李红梅：本院受理原告中国建设银行股份有限公司诉你借款合同纠纷一案，已审理终结。现依法向你公告送达本院民事判决书。自公告之日起60日内来本院领取民事判决书，逾期即视为送达。

江西省南昌市东湖区人民法院

李红梅：本院受理原告中国建设银行股份有限公司诉你借款合同纠纷一案，已审理终结。现依法向你公告送达本院民事判决书。自公告之日起60日内来本院领取民事判决书，逾期即视为送达。

广西壮族自治区南宁市青秀区人民法院

李红梅：本院受理原告中国建设银行股份有限公司诉你借款合同纠纷一案，已审理终结。现依法向你公告送达本院民事判决书。自公告之日起60日内来本院领取民事判决书，逾期即视为送达。

黑龙江省哈尔滨市南岗区人民法院

李红梅：本院受理原告中国建设银行股份有限公司诉你借款合同纠纷一案，已审理终结。现依法向你公告送达本院民事判决书。自公告之日起60日内来本院领取民事判决书，逾期即视为送达。

陕西省西安市雁塔区人民法院

李红梅：本院受理原告中国建设银行股份有限公司诉你借款合同纠纷一案，已审理终结。现依法向你公告送达本院民事判决书。自公告之日起60日内来本院领取民事判决书，逾期即视为送达。

山东省济南市历下区人民法院

李红梅：本院受理原告中国建设银行股份有限公司诉你借款合同纠纷一案，已审理终结。现依法向你公告送达本院民事判决书。自公告之日起60日内来本院领取民事判决书，逾期即视为送达。

江西省南昌市东湖区人民法院

李红梅：本院受理原告中国建设银行股份有限公司诉你借款合同纠纷一案，已审理终结。现依法向你公告送达本院民事判决书。自公告之日起60日内来本院领取民事判决书，逾期即视为送达。

广西壮族自治区南宁市青秀区人民法院

李红梅：本院受理原告中国建设银行股份有限公司诉你借款合同纠纷一案，已审理终结。现依法向你公告送达本院民事判决书。自公告之日起60日内来本院领取民事判决书，逾期即视为送达。

黑龙江省哈尔滨市南岗区人民法院
死亡公告

李红梅：本院受理原告中国建设银行股份有限公司诉你借款合同纠纷一案，已审理终结。现依法向你公告送达本院民事判决书。自公告之日起60日内来本院领取民事判决书，逾期即视为送达。

陕西省西安市雁塔区人民法院

李红梅：本院受理原告中国建设银行股份有限公司诉你借款合同纠纷一案，已审理终结。现依法向你公告送达本院民事判决书。自公告之日起60日内来本院领取民事判决书，逾期即视为送达。

山东省济南市历下区人民法院

李红梅：本院受理原告中国建设银行股份有限公司诉你借款合同纠纷一案，已审理终结。现依法向你公告送达本院民事判决书。自公告之日起60日内来本院领取民事判决书，逾期即视为送达。

江西省南昌市东湖区人民法院

李红梅：本院受理原告中国建设银行股份有限公司诉你借款合同纠纷一案，已审理终结。现依法向你公告送达本院民事判决书。自公告之日起60日内来本院领取民事判决书，逾期即视为送达。

广西壮族自治区南宁市青秀区人民法院

李红梅：本院受理原告中国建设银行股份有限公司诉你借款合同纠纷一案，已审理终结。现依法向你公告送达本院民事判决书。自公告之日起60日内来本院领取民事判决书，逾期即视为送达。

黑龙江省哈尔滨市南岗区人民法院
人民法院公告

赵志刚：本院受理原告中国农业银行股份有限公司诉你金融借款合同纠纷一案，现依法向你公告送达起诉状副本、应诉通知书、举证通知书及开庭传票。自公告之日起经过30日即视为送达。

天津市和平区人民法院

赵志刚：本院受理原告中国农业银行股份有限公司诉你金融借款合同纠纷一案，现依法向你公告送达起诉状副本、应诉通知书、举证通知书及开庭传票。自公告之日起经过30日即视为送达。

北京市朝阳区人民法院

赵志刚：本院受理原告中国农业银行股份有限公司诉你金融借款合同纠纷一案，现依法向你公告送达起诉状副本、应诉通知书、举证通知书及开庭传票。自公告之日起经过30日即视为送达。

甘肃省兰州市城关区人民法院

赵志刚：本院受理原告中国农业银行股份有限公司诉你金融借款合同纠纷一案，现依法向你公告送达起诉状副本、应诉通知书、举证通知书及开庭传票。自公告之日起经过30日即视为送达。

内蒙古自治区呼和浩特市新城区人民法院

赵志刚：本院受理原告中国农业银行股份有限公司诉你金融借款合同纠纷一案，现依法向你公告送达起诉状副本、应诉通知书、举证通知书及开庭传票。自公告之日起经过30日即视为送达。

海南省海口市龙华区人民法院

赵志刚：本院受理原告中国农业银行股份有限公司诉你金融借款合同纠纷一案，现依法向你公告送达起诉状副本、应诉通知书、举证通知书及开庭传票。自公告之日起经过30日即视为送达。

天津市和平区人民法院

赵志刚：本院受理原告中国农业银行股份有限公司诉你金融借款合同纠纷一案，现依法向你公告送达起诉状副本、应诉通知书、举证通知书及开庭传票。自公告之日起经过30日即视为送达。

北京市朝阳区人民法院

赵志刚：本院受理原告中国农业银行股份有限公司诉你金融借款合同纠纷一案，现依法向你公告送达起诉状副本、应诉通知书、举证通知书及开庭传票。自公告之日起经过30日即视为送达。

甘肃省兰州市城关区人民法院

赵志刚：本院受理原告中国农业银行股份有限公司诉你金融借款合同纠纷一案，现依法向你公告送达起诉状副本、应诉通知书、举证通知书及开庭传票。自公告之日起经过30日即视为送达。

内蒙古自治区呼和浩特市新城区人民法院

赵志刚：本院受理原告中国农业银行股份有限公司诉你金融借款合同纠纷一案，现依法向你公告送达起诉状副本、应诉通知书、举证通知书及开庭传票。自公告之日起经过30日即视为送达。

海南省海口市龙华区人民法院

赵志刚：本院受理原告中国农业银行股份有限公司诉你金融借款合同纠纷一案，现依法向你公告送达起诉状副本、应诉通知书、举证通知书及开庭传票。自公告之日起经过30日即视为送达。

天津市和平区人民法院

赵志刚：本院受理原告中国农业银行股份有限公司诉你金融借款合同纠纷一案，现依法向你公告送达起诉状副本、应诉通知书、举证通知书及开庭传票。自公告之日起经过30日即视为送达。

北京市朝阳区人民法院

赵志刚：本院受理原告中国农业银行股份有限公司诉你金融借款合同纠纷一案，现依法向你公告送达起诉状副本、应诉通知书、举证通知书及开庭传票。自公告之日起经过30日即视为送达。

甘肃省兰州市城关区人民法院

赵志刚：本院受理原告中国农业银行股份有限公司诉你金融借款合同纠纷一案，现依法向你公告送达起诉状副本、应诉通知书、举证通知书及开庭传票。自公告之日起经过30日即视为送达。

内蒙古自治区呼和浩特市新城区人民法院

赵志刚：本院受理原告中国农业银行股份有限公司诉你金融借款合同纠纷一案，现依法向你公告送达起诉状副本、应诉通知书、举证通知书及开庭传票。自公告之日起经过30日即视为送达。

海南省海口市龙华区人民法院

赵志刚：本院受理原告中国农业银行股份有限公司诉你金融借款合同纠纷一案，现依法向你公告送达起诉状副本、应诉通知书、举证通知书及开庭传票。自公告之日起经过30日即视为送达。

天津市和平区人民法院

赵志刚：本院受理原告中国农业银行股份有限公司诉你金融借款合同纠纷一案，现依法向你公告送达起诉状副本、应诉通知书、举证通知书及开庭传票。自公告之日起经过30日即视为送达。

北京市朝阳区人民法院

赵志刚：本院受理原告中国农业银行股份有限公司诉你金融借款合同纠纷一案，现依法向你公告送达起诉状副本、应诉通知书、举证通知书及开庭传票。自公告之日起经过30日即视为送达。

甘肃省兰州市城关区人民法院

赵志刚：本院受理原告中国农业银行股份有限公司诉你金融借款合同纠纷一案，现依法向你公告送达起诉状副本、应诉通知书、举证通知书及开庭传票。自公告之日起经过30日即视为送达。

内蒙古自治区呼和浩特市新城区人民法院

赵志刚：本院受理原告中国农业银行股份有限公司诉你金融借款合同纠纷一案，现依法向你公告送达起诉状副本、应诉通知书、举证通知书及开庭传票。自公告之日起经过30日即视为送达。

海南省海口市龙华区人民法院

赵志刚：本院受理原告中国农业银行股份有限公司诉你金融借款合同纠纷一案，现依法向你公告送达起诉状副本、应诉通知书、举证通知书及开庭传票。自公告之日起经过30日即视为送达。

天津市和平区人民法院

赵志刚：本院受理原告中国农业银行股份有限公司诉你金融借款合同纠纷一案，现依法向你公告送达起诉状副本、应诉通知书、举证通知书及开庭传票。自公告之日起经过30日即视为送达。

北京市朝阳区人民法院

赵志刚：本院受理原告中国农业银行股份有限公司诉你金融借款合同纠纷一案，现依法向你公告送达起诉状副本、应诉通知书、举证通知书及开庭传票。自公告之日起经过30日即视为送达。

甘肃省兰州市城关区人民法院
证件遗失声明

赵志刚：本院受理原告中国农业银行股份有限公司诉你金融借款合同纠纷一案，现依法向你公告送达起诉状副本、应诉通知书、举证通知书及开庭传票。自公告之日起经过30日即视为送达。

内蒙古自治区呼和浩特市新城区人民法院

赵志刚：本院受理原告中国农业银行股份有限公司诉你金融借款合同纠纷一案，现依法向你公告送达起诉状副本、应诉通知书、举证通知书及开庭传票。自公告之日起经过30日即视为送达。

海南省海口市龙华区人民法院

赵志刚：本院受理原告中国农业银行股份有限公司诉你金融借款合同纠纷一案，现依法向你公告送达起诉状副本、应诉通知书、举证通知书及开庭传票。自公告之日起经过30日即视为送达。

天津市和平区人民法院

赵志刚：本院受理原告中国农业银行股份有限公司诉你金融借款合同纠纷一案，现依法向你公告送达起诉状副本、应诉通知书、举证通知书及开庭传票。自公告之日起经过30日即视为送达。

北京市朝阳区人民法院

赵志刚：本院受理原告中国农业银行股份有限公司诉你金融借款合同纠纷一案，现依法向你公告送达起诉状副本、应诉通知书、举证通知书及开庭传票。自公告之日起经过30日即视为送达。

甘肃省兰州市城关区人民法院

赵志刚：本院受理原告中国农业银行股份有限公司诉你金融借款合同纠纷一案，现依法向你公告送达起诉状副本、应诉通知书、举证通知书及开庭传票。自公告之日起经过30日即视为送达。

内蒙古自治区呼和浩特市新城区人民法院

赵志刚：本院受理原告中国农业银行股份有限公司诉你金融借款合同纠纷一案，现依法向你公告送达起诉状副本、应诉通知书、举证通知书及开庭传票。自公告之日起经过30日即视为送达。

海南省海口市龙华区人民法院

赵志刚：本院受理原告中国农业银行股份有限公司诉你金融借款合同纠纷一案，现依法向你公告送达起诉状副本、应诉通知书、举证通知书及开庭传票。自公告之日起经过30日即视为送达。

天津市和平区人民法院

赵志刚：本院受理原告中国农业银行股份有限公司诉你金融借款合同纠纷一案，现依法向你公告送达起诉状副本、应诉通知书、举证通知书及开庭传票。自公告之日起经过30日即视为送达。

北京市朝阳区人民法院

赵志刚：本院受理原告中国农业银行股份有限公司诉你金融借款合同纠纷一案，现依法向你公告送达起诉状副本、应诉通知书、举证通知书及开庭传票。自公告之日起经过30日即视为送达。

甘肃省兰州市城关区人民法院

赵志刚：本院受理原告中国农业银行股份有限公司诉你金融借款合同纠纷一案，现依法向你公告送达起诉状副本、应诉通知书、举证通知书及开庭传票。自公告之日起经过30日即视为送达。

内蒙古自治区呼和浩特市新城区人民法院

赵志刚：本院受理原告中国农业银行股份有限公司诉你金融借款合同纠纷一案，现依法向你公告送达起诉状副本、应诉通知书、举证通知书及开庭传票。自公告之日起经过30日即视为送达。

海南省海口市龙华区人民法院

赵志刚：本院受理原告中国农业银行股份有限公司诉你金融借款合同纠纷一案，现依法向你公告送达起诉状副本、应诉通知书、举证通知书及开庭传票。自公告之日起经过30日即视为送达。

天津市和平区人民法院

赵志刚：本院受理原告中国农业银行股份有限公司诉你金融借款合同纠纷一案，现依法向你公告送达起诉状副本、应诉通知书、举证通知书及开庭传票。自公告之日起经过30日即视为送达。

北京市朝阳区人民法院

赵志刚：本院受理原告中国农业银行股份有限公司诉你金融借款合同纠纷一案，现依法向你公告送达起诉状副本、应诉通知书、举证通知书及开庭传票。自公告之日起经过30日即视为送达。

甘肃省兰州市城关区人民法院

赵志刚：本院受理原告中国农业银行股份有限公司诉你金融借款合同纠纷一案，现依法向你公告送达起诉状副本、应诉通知书、举证通知书及开庭传票。自公告之日起经过30日即视为送达。

内蒙古自治区呼和浩特市新城区人民法院

赵志刚：本院受理原告中国农业银行股份有限公司诉你金融借款合同纠纷一案，现依法向你公告送达起诉状副本、应诉通知书、举证通知书及开庭传票。自公告之日起经过30日即视为送达。

海南省海口市龙华区人民法院

赵志刚：本院受理原告中国农业银行股份有限公司诉你金融借款合同纠纷一案，现依法向你公告送达起诉状副本、应诉通知书、举证通知书及开庭传票。自公告之日起经过30日即视为送达。

天津市和平区人民法院

赵志刚：本院受理原告中国农业银行股份有限公司诉你金融借款合同纠纷一案，现依法向你公告送达起诉状副本、应诉通知书、举证通知书及开庭传票。自公告之日起经过30日即视为送达。

北京市朝阳区人民法院

赵志刚：本院受理原告中国农业银行股份有限公司诉你金融借款合同纠纷一案，现依法向你公告送达起诉状副本、应诉通知书、举证通知书及开庭传票。自公告之日起经过30日即视为送达。

甘肃省兰州市城关区人民法院

赵志刚：本院受理原告中国农业银行股份有限公司诉你金融借款合同纠纷一案，现依法向你公告送达起诉状副本、应诉通知书、举证通知书及开庭传票。自公告之日起经过30日即视为送达。

内蒙古自治区呼和浩特市新城区人民法院

赵志刚：本院受理原告中国农业银行股份有限公司诉你金融借款合同纠纷一案，现依法向你公告送达起诉状副本、应诉通知书、举证通知书及开庭传票。自公告之日起经过30日即视为送达。

海南省海口市龙华区人民法院
证件遗失声明

赵志刚：本院受理原告中国农业银行股份有限公司诉你金融借款合同纠纷一案，现依法向你公告送达起诉状副本、应诉通知书、举证通知书及开庭传票。自公告之日起经过30日即视为送达。

天津市和平区人民法院

赵志刚：本院受理原告中国农业银行股份有限公司诉你金融借款合同纠纷一案，现依法向你公告送达起诉状副本、应诉通知书、举证通知书及开庭传票。自公告之日起经过30日即视为送达。

北京市朝阳区人民法院

赵志刚：本院受理原告中国农业银行股份有限公司诉你金融借款合同纠纷一案，现依法向你公告送达起诉状副本、应诉通知书、举证通知书及开庭传票。自公告之日起经过30日即视为送达。

甘肃省兰州市城关区人民法院

赵志刚：本院受理原告中国农业银行股份有限公司诉你金融借款合同纠纷一案，现依法向你公告送达起诉状副本、应诉通知书、举证通知书及开庭传票。自公告之日起经过30日即视为送达。

内蒙古自治区呼和浩特市新城区人民法院

赵志刚：本院受理原告中国农业银行股份有限公司诉你金融借款合同纠纷一案，现依法向你公告送达起诉状副本、应诉通知书、举证通知书及开庭传票。自公告之日起经过30日即视为送达。

海南省海口市龙华区人民法院

赵志刚：本院受理原告中国农业银行股份有限公司诉你金融借款合同纠纷一案，现依法向你公告送达起诉状副本、应诉通知书、举证通知书及开庭传票。自公告之日起经过30日即视为送达。

公告专栏

遗失声明：本人遗失身份证，声明作废。北京某某科技有限公司遗失营业执照正副本，声明作废。某某商贸有限公司遗失公章一枚，特此声明。注销公告：本公司经股东会决议拟注销，请债权人自本公告之日起45日内向本公司清算组申报债权。

减资公告

遗失声明：本人遗失身份证，声明作废。北京某某科技有限公司遗失营业执照正副本，声明作废。某某商贸有限公司遗失公章一枚，特此声明。注销公告：本公司经股东会决议拟注销，请债权人自本公告之日起45日内向本公司清算组申报债权。

注销公告

遗失声明：本人遗失身份证，声明作废。北京某某科技有限公司遗失营业执照正副本，声明作废。某某商贸有限公司遗失公章一枚，特此声明。注销公告：本公司经股东会决议拟注销，请债权人自本公告之日起45日内向本公司清算组申报债权。

清算公告

遗失声明：本人遗失身份证，声明作废。北京某某科技有限公司遗失营业执照正副本，声明作废。某某商贸有限公司遗失公章一枚，特此声明。注销公告：本公司经股东会决议拟注销，请债权人自本公告之日起45日内向本公司清算组申报债权。

遗失声明

遗失声明：本人遗失身份证，声明作废。北京某某科技有限公司遗失营业执照正副本，声明作废。某某商贸有限公司遗失公章一枚，特此声明。注销公告：本公司经股东会决议拟注销，请债权人自本公告之日起45日内向本公司清算组申报债权。

公开致歉信

遗失声明：本人遗失身份证，声明作废。北京某某科技有限公司遗失营业执照正副本，声明作废。某某商贸有限公司遗失公章一枚，特此声明。注销公告：本公司经股东会决议拟注销，请债权人自本公告之日起45日内向本公司清算组申报债权。

减资公告

遗失声明：本人遗失身份证，声明作废。北京某某科技有限公司遗失营业执照正副本，声明作废。某某商贸有限公司遗失公章一枚，特此声明。注销公告：本公司经股东会决议拟注销，请债权人自本公告之日起45日内向本公司清算组申报债权。

注销公告

遗失声明：本人遗失身份证，声明作废。北京某某科技有限公司遗失营业执照正副本，声明作废。某某商贸有限公司遗失公章一枚，特此声明。注销公告：本公司经股东会决议拟注销，请债权人自本公告之日起45日内向本公司清算组申报债权。

清算公告

遗失声明：本人遗失身份证，声明作废。北京某某科技有限公司遗失营业执照正副本，声明作废。某某商贸有限公司遗失公章一枚，特此声明。注销公告：本公司经股东会决议拟注销，请债权人自本公告之日起45日内向本公司清算组申报债权。

遗失声明

遗失声明：本人遗失身份证，声明作废。北京某某科技有限公司遗失营业执照正副本，声明作废。某某商贸有限公司遗失公章一枚，特此声明。注销公告：本公司经股东会决议拟注销，请债权人自本公告之日起45日内向本公司清算组申报债权。

公开致歉信

遗失声明：本人遗失身份证，声明作废。北京某某科技有限公司遗失营业执照正副本，声明作废。某某商贸有限公司遗失公章一枚，特此声明。注销公告：本公司经股东会决议拟注销，请债权人自本公告之日起45日内向本公司清算组申报债权。

减资公告

遗失声明：本人遗失身份证，声明作废。北京某某科技有限公司遗失营业执照正副本，声明作废。某某商贸有限公司遗失公章一枚，特此声明。注销公告：本公司经股东会决议拟注销，请债权人自本公告之日起45日内向本公司清算组申报债权。

注销公告

遗失声明：本人遗失身份证，声明作废。北京某某科技有限公司遗失营业执照正副本，声明作废。某某商贸有限公司遗失公章一枚，特此声明。注销公告：本公司经股东会决议拟注销，请债权人自本公告之日起45日内向本公司清算组申报债权。

清算公告

遗失声明：本人遗失身份证，声明作废。北京某某科技有限公司遗失营业执照正副本，声明作废。某某商贸有限公司遗失公章一枚，特此声明。注销公告：本公司经股东会决议拟注销，请债权人自本公告之日起45日内向本公司清算组申报债权。

遗失声明

遗失声明：本人遗失身份证，声明作废。北京某某科技有限公司遗失营业执照正副本，声明作废。某某商贸有限公司遗失公章一枚，特此声明。注销公告：本公司经股东会决议拟注销，请债权人自本公告之日起45日内向本公司清算组申报债权。

公开致歉信

遗失声明：本人遗失身份证，声明作废。北京某某科技有限公司遗失营业执照正副本，声明作废。某某商贸有限公司遗失公章一枚，特此声明。注销公告：本公司经股东会决议拟注销，请债权人自本公告之日起45日内向本公司清算组申报债权。

减资公告

遗失声明：本人遗失身份证，声明作废。北京某某科技有限公司遗失营业执照正副本，声明作废。某某商贸有限公司遗失公章一枚，特此声明。注销公告：本公司经股东会决议拟注销，请债权人自本公告之日起45日内向本公司清算组申报债权。

注销公告

遗失声明：本人遗失身份证，声明作废。北京某某科技有限公司遗失营业执照正副本，声明作废。某某商贸有限公司遗失公章一枚，特此声明。注销公告：本公司经股东会决议拟注销，请债权人自本公告之日起45日内向本公司清算组申报债权。

清算公告

遗失声明：本人遗失身份证，声明作废。北京某某科技有限公司遗失营业执照正副本，声明作废。某某商贸有限公司遗失公章一枚，特此声明。注销公告：本公司经股东会决议拟注销，请债权人自本公告之日起45日内向本公司清算组申报债权。

遗失声明

遗失声明：本人遗失身份证，声明作废。北京某某科技有限公司遗失营业执照正副本，声明作废。某某商贸有限公司遗失公章一枚，特此声明。注销公告：本公司经股东会决议拟注销，请债权人自本公告之日起45日内向本公司清算组申报债权。

公开致歉信

遗失声明：本人遗失身份证，声明作废。北京某某科技有限公司遗失营业执照正副本，声明作废。某某商贸有限公司遗失公章一枚，特此声明。注销公告：本公司经股东会决议拟注销，请债权人自本公告之日起45日内向本公司清算组申报债权。

减资公告

遗失声明：本人遗失身份证，声明作废。北京某某科技有限公司遗失营业执照正副本，声明作废。某某商贸有限公司遗失公章一枚，特此声明。注销公告：本公司经股东会决议拟注销，请债权人自本公告之日起45日内向本公司清算组申报债权。

注销公告

遗失声明：本人遗失身份证，声明作废。北京某某科技有限公司遗失营业执照正副本，声明作废。某某商贸有限公司遗失公章一枚，特此声明。注销公告：本公司经股东会决议拟注销，请债权人自本公告之日起45日内向本公司清算组申报债权。

清算公告
公开致歉信

遗失声明：本人遗失身份证，声明作废。北京某某科技有限公司遗失营业执照正副本，声明作废。某某商贸有限公司遗失公章一枚，特此声明。注销公告：本公司经股东会决议拟注销，请债权人自本公告之日起45日内向本公司清算组申报债权。

遗失声明

遗失声明：本人遗失身份证，声明作废。北京某某科技有限公司遗失营业执照正副本，声明作废。某某商贸有限公司遗失公章一枚，特此声明。注销公告：本公司经股东会决议拟注销，请债权人自本公告之日起45日内向本公司清算组申报债权。

公开致歉信

遗失声明：本人遗失身份证，声明作废。北京某某科技有限公司遗失营业执照正副本，声明作废。某某商贸有限公司遗失公章一枚，特此声明。注销公告：本公司经股东会决议拟注销，请债权人自本公告之日起45日内向本公司清算组申报债权。

减资公告

遗失声明：本人遗失身份证，声明作废。北京某某科技有限公司遗失营业执照正副本，声明作废。某某商贸有限公司遗失公章一枚，特此声明。注销公告：本公司经股东会决议拟注销，请债权人自本公告之日起45日内向本公司清算组申报债权。

注销公告

遗失声明：本人遗失身份证，声明作废。北京某某科技有限公司遗失营业执照正副本，声明作废。某某商贸有限公司遗失公章一枚，特此声明。注销公告：本公司经股东会决议拟注销，请债权人自本公告之日起45日内向本公司清算组申报债权。

清算公告

遗失声明：本人遗失身份证，声明作废。北京某某科技有限公司遗失营业执照正副本，声明作废。某某商贸有限公司遗失公章一枚，特此声明。注销公告：本公司经股东会决议拟注销，请债权人自本公告之日起45日内向本公司清算组申报债权。

遗失声明

遗失声明：本人遗失身份证，声明作废。北京某某科技有限公司遗失营业执照正副本，声明作废。某某商贸有限公司遗失公章一枚，特此声明。注销公告：本公司经股东会决议拟注销，请债权人自本公告之日起45日内向本公司清算组申报债权。

公开致歉信

遗失声明：本人遗失身份证，声明作废。北京某某科技有限公司遗失营业执照正副本，声明作废。某某商贸有限公司遗失公章一枚，特此声明。注销公告：本公司经股东会决议拟注销，请债权人自本公告之日起45日内向本公司清算组申报债权。

减资公告

遗失声明：本人遗失身份证，声明作废。北京某某科技有限公司遗失营业执照正副本，声明作废。某某商贸有限公司遗失公章一枚，特此声明。注销公告：本公司经股东会决议拟注销，请债权人自本公告之日起45日内向本公司清算组申报债权。

注销公告

遗失声明：本人遗失身份证，声明作废。北京某某科技有限公司遗失营业执照正副本，声明作废。某某商贸有限公司遗失公章一枚，特此声明。注销公告：本公司经股东会决议拟注销，请债权人自本公告之日起45日内向本公司清算组申报债权。

清算公告

遗失声明：本人遗失身份证，声明作废。北京某某科技有限公司遗失营业执照正副本，声明作废。某某商贸有限公司遗失公章一枚，特此声明。注销公告：本公司经股东会决议拟注销，请债权人自本公告之日起45日内向本公司清算组申报债权。

遗失声明

遗失声明：本人遗失身份证，声明作废。北京某某科技有限公司遗失营业执照正副本，声明作废。某某商贸有限公司遗失公章一枚，特此声明。注销公告：本公司经股东会决议拟注销，请债权人自本公告之日起45日内向本公司清算组申报债权。

公开致歉信

遗失声明：本人遗失身份证，声明作废。北京某某科技有限公司遗失营业执照正副本，声明作废。某某商贸有限公司遗失公章一枚，特此声明。注销公告：本公司经股东会决议拟注销，请债权人自本公告之日起45日内向本公司清算组申报债权。

减资公告

遗失声明：本人遗失身份证，声明作废。北京某某科技有限公司遗失营业执照正副本，声明作废。某某商贸有限公司遗失公章一枚，特此声明。注销公告：本公司经股东会决议拟注销，请债权人自本公告之日起45日内向本公司清算组申报债权。

注销公告

遗失声明：本人遗失身份证，声明作废。北京某某科技有限公司遗失营业执照正副本，声明作废。某某商贸有限公司遗失公章一枚，特此声明。注销公告：本公司经股东会决议拟注销，请债权人自本公告之日起45日内向本公司清算组申报债权。

清算公告

遗失声明：本人遗失身份证，声明作废。北京某某科技有限公司遗失营业执照正副本，声明作废。某某商贸有限公司遗失公章一枚，特此声明。注销公告：本公司经股东会决议拟注销，请债权人自本公告之日起45日内向本公司清算组申报债权。

遗失声明

遗失声明：本人遗失身份证，声明作废。北京某某科技有限公司遗失营业执照正副本，声明作废。某某商贸有限公司遗失公章一枚，特此声明。注销公告：本公司经股东会决议拟注销，请债权人自本公告之日起45日内向本公司清算组申报债权。

公开致歉信

遗失声明：本人遗失身份证，声明作废。北京某某科技有限公司遗失营业执照正副本，声明作废。某某商贸有限公司遗失公章一枚，特此声明。注销公告：本公司经股东会决议拟注销，请债权人自本公告之日起45日内向本公司清算组申报债权。

减资公告

遗失声明：本人遗失身份证，声明作废。北京某某科技有限公司遗失营业执照正副本，声明作废。某某商贸有限公司遗失公章一枚，特此声明。注销公告：本公司经股东会决议拟注销，请债权人自本公告之日起45日内向本公司清算组申报债权。

注销公告

遗失声明：本人遗失身份证，声明作废。北京某某科技有限公司遗失营业执照正副本，声明作废。某某商贸有限公司遗失公章一枚，特此声明。注销公告：本公司经股东会决议拟注销，请债权人自本公告之日起45日内向本公司清算组申报债权。

清算公告
